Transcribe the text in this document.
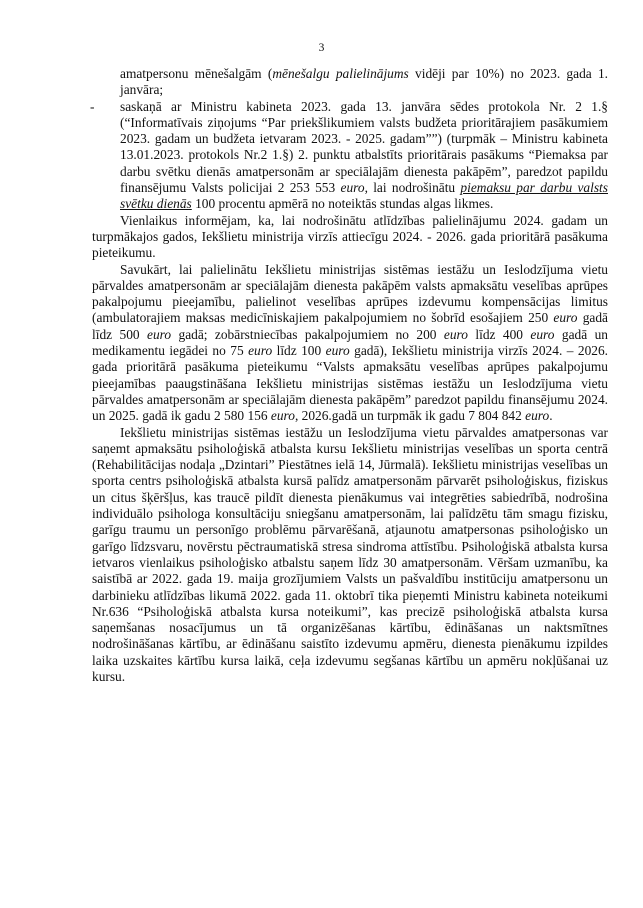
3

amatpersonu mēnešalgām (mēnešalgu palielinājums vidēji par 10%) no 2023. gada 1. janvāra;

- saskaņā ar Ministru kabineta 2023. gada 13. janvāra sēdes protokola Nr. 2 1.§ (“Informatīvais ziņojums “Par priekšlikumiem valsts budžeta prioritārajiem pasākumiem 2023. gadam un budžeta ietvaram 2023. - 2025. gadam””) (turpmāk – Ministru kabineta 13.01.2023. protokols Nr.2 1.§) 2. punktu atbalstīts prioritārais pasākums “Piemaksa par darbu svētku dienās amatpersonām ar speciālajām dienesta pakāpēm”, paredzot papildu finansējumu Valsts policijai 2 253 553 euro, lai nodrošinātu piemaksu par darbu valsts svētku dienās 100 procentu apmērā no noteiktās stundas algas likmes.

Vienlaikus informējam, ka, lai nodrošinātu atlīdzības palielinājumu 2024. gadam un turpmākajos gados, Iekšlietu ministrija virzīs attiecīgu 2024. - 2026. gada prioritārā pasākuma pieteikumu.

Savukārt, lai palielinātu Iekšlietu ministrijas sistēmas iestāžu un Ieslodzījuma vietu pārvaldes amatpersonām ar speciālajām dienesta pakāpēm valsts apmaksātu veselības aprūpes pakalpojumu pieejamību, palielinot veselības aprūpes izdevumu kompensācijas limitus (ambulatorajiem maksas medicīniskajiem pakalpojumiem no šobrīd esošajiem 250 euro gadā līdz 500 euro gadā; zobārstniecības pakalpojumiem no 200 euro līdz 400 euro gadā un medikamentu iegādei no 75 euro līdz 100 euro gadā), Iekšlietu ministrija virzīs 2024. – 2026. gada prioritārā pasākuma pieteikumu “Valsts apmaksātu veselības aprūpes pakalpojumu pieejamības paaugstināšana Iekšlietu ministrijas sistēmas iestāžu un Ieslodzījuma vietu pārvaldes amatpersonām ar speciālajām dienesta pakāpēm” paredzot papildu finansējumu 2024. un 2025. gadā ik gadu 2 580 156 euro, 2026.gadā un turpmāk ik gadu 7 804 842 euro.

Iekšlietu ministrijas sistēmas iestāžu un Ieslodzījuma vietu pārvaldes amatpersonas var saņemt apmaksātu psiholoģiskā atbalsta kursu Iekšlietu ministrijas veselības un sporta centrā (Rehabilitācijas nodaļa „Dzintari” Piestātnes ielā 14, Jūrmalā). Iekšlietu ministrijas veselības un sporta centrs psiholoģiskā atbalsta kursā palīdz amatpersonām pārvarēt psiholoģiskus, fiziskus un citus šķēršļus, kas traucē pildīt dienesta pienākumus vai integrēties sabiedrībā, nodrošina individuālo psihologa konsultāciju sniegšanu amatpersonām, lai palīdzētu tām smagu fizisku, garīgu traumu un personīgo problēmu pārvarēšanā, atjaunotu amatpersonas psiholoģisko un garīgo līdzsvaru, novērstu pēctraumatiskā stresa sindroma attīstību. Psiholoģiskā atbalsta kursa ietvaros vienlaikus psiholoģisko atbalstu saņem līdz 30 amatpersonām. Vēršam uzmanību, ka saistībā ar 2022. gada 19. maija grozījumiem Valsts un pašvaldību institūciju amatpersonu un darbinieku atlīdzības likumā 2022. gada 11. oktobrī tika pieņemti Ministru kabineta noteikumi Nr.636 “Psiholoģiskā atbalsta kursa noteikumi”, kas precizē psiholoģiskā atbalsta kursa saņemšanas nosacījumus un tā organizēšanas kārtību, ēdināšanas un naktsmītnes nodrošināšanas kārtību, ar ēdināšanu saistīto izdevumu apmēru, dienesta pienākumu izpildes laika uzskaites kārtību kursa laikā, ceļa izdevumu segšanas kārtību un apmēru nokļūšanai uz kursu.
